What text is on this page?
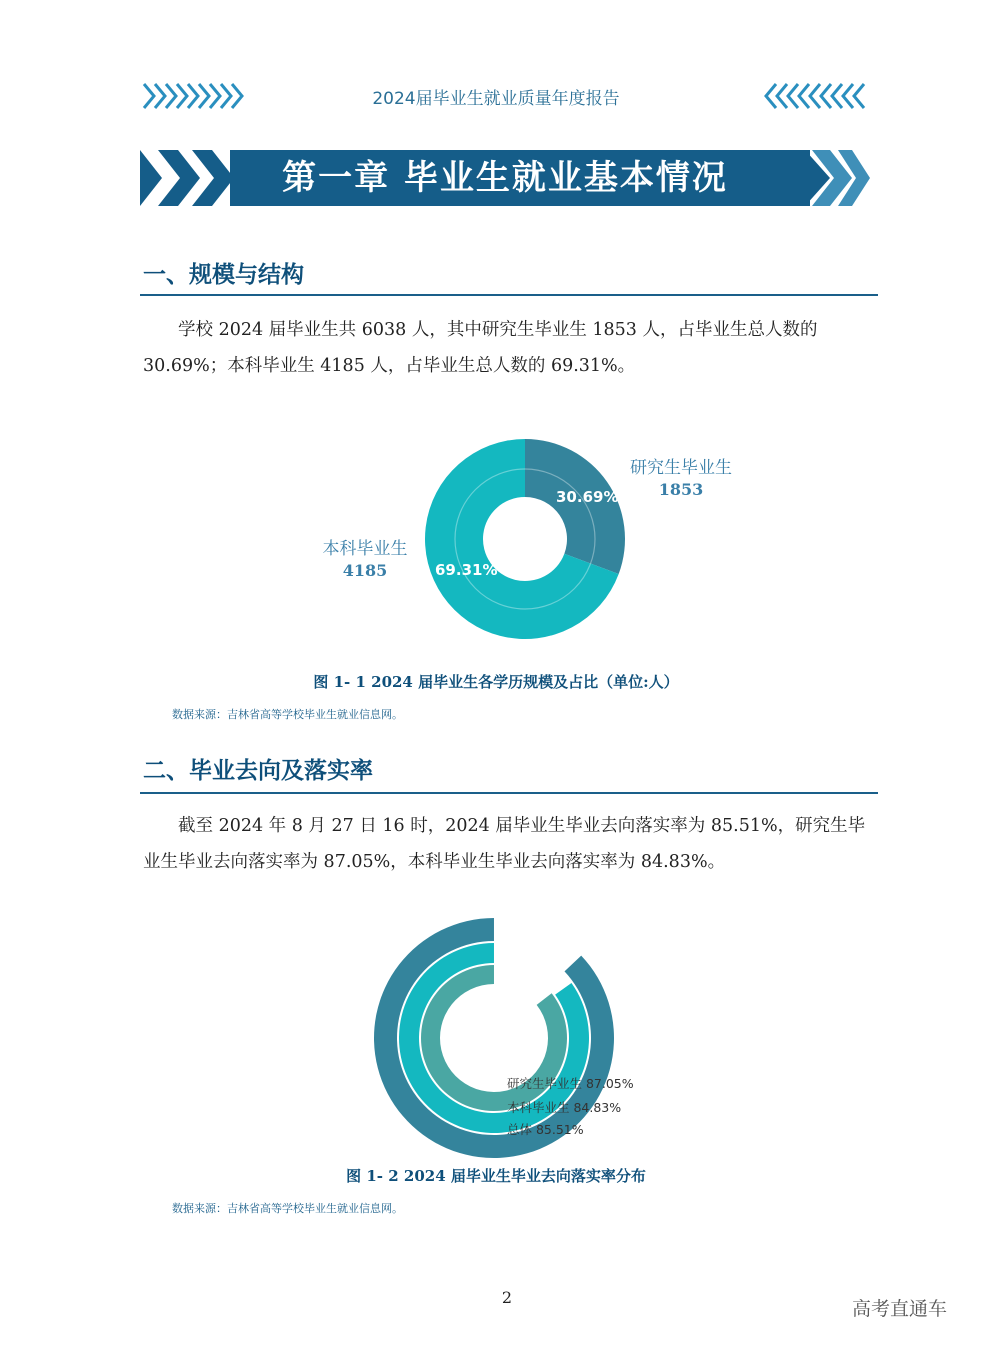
2024届毕业生就业质量年度报告
第一章 毕业生就业基本情况
一、规模与结构
学校 2024 届毕业生共 6038 人，其中研究生毕业生 1853 人，占毕业生总人数的 30.69%；本科毕业生 4185 人，占毕业生总人数的 69.31%。
30.69%
69.31%
研究生毕业生
1853
本科毕业生
4185
图 1- 1 2024 届毕业生各学历规模及占比（单位:人）
数据来源：吉林省高等学校毕业生就业信息网。
二、毕业去向及落实率
截至 2024 年 8 月 27 日 16 时，2024 届毕业生毕业去向落实率为 85.51%，研究生毕业生毕业去向落实率为 87.05%，本科毕业生毕业去向落实率为 84.83%。
研究生毕业生 87.05%
本科毕业生 84.83%
总体 85.51%
图 1- 2 2024 届毕业生毕业去向落实率分布
数据来源：吉林省高等学校毕业生就业信息网。
2
高考直通车
